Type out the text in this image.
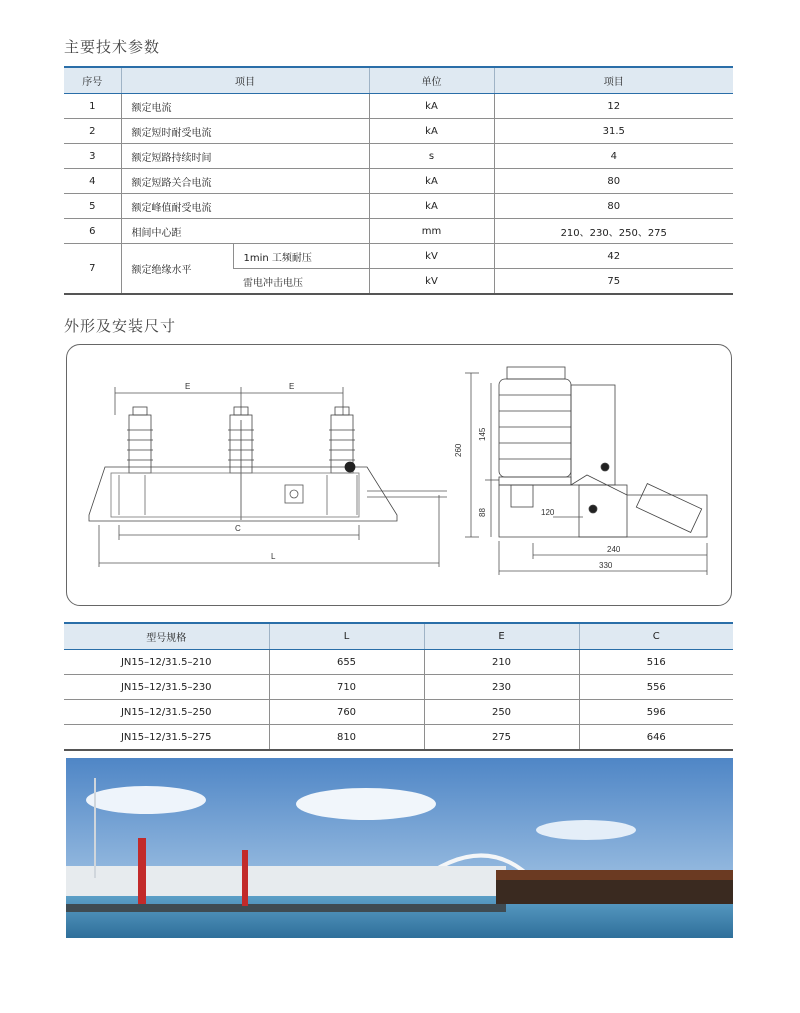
主要技术参数
序号	项目		单位	项目
1	额定电流		kA	12
2	额定短时耐受电流		kA	31.5
3	额定短路持续时间		s	4
4	额定短路关合电流		kA	80
5	额定峰值耐受电流		kA	80
6	相间中心距		mm	210、230、250、275
7	额定绝缘水平	1min 工频耐压	kV	42
		雷电冲击电压	kV	75
外形及安装尺寸
E	E
C
L
260
145
88	120
240
330
型号规格	L	E	C
JN15–12/31.5–210	655	210	516
JN15–12/31.5–230	710	230	556
JN15–12/31.5–250	760	250	596
JN15–12/31.5–275	810	275	646
